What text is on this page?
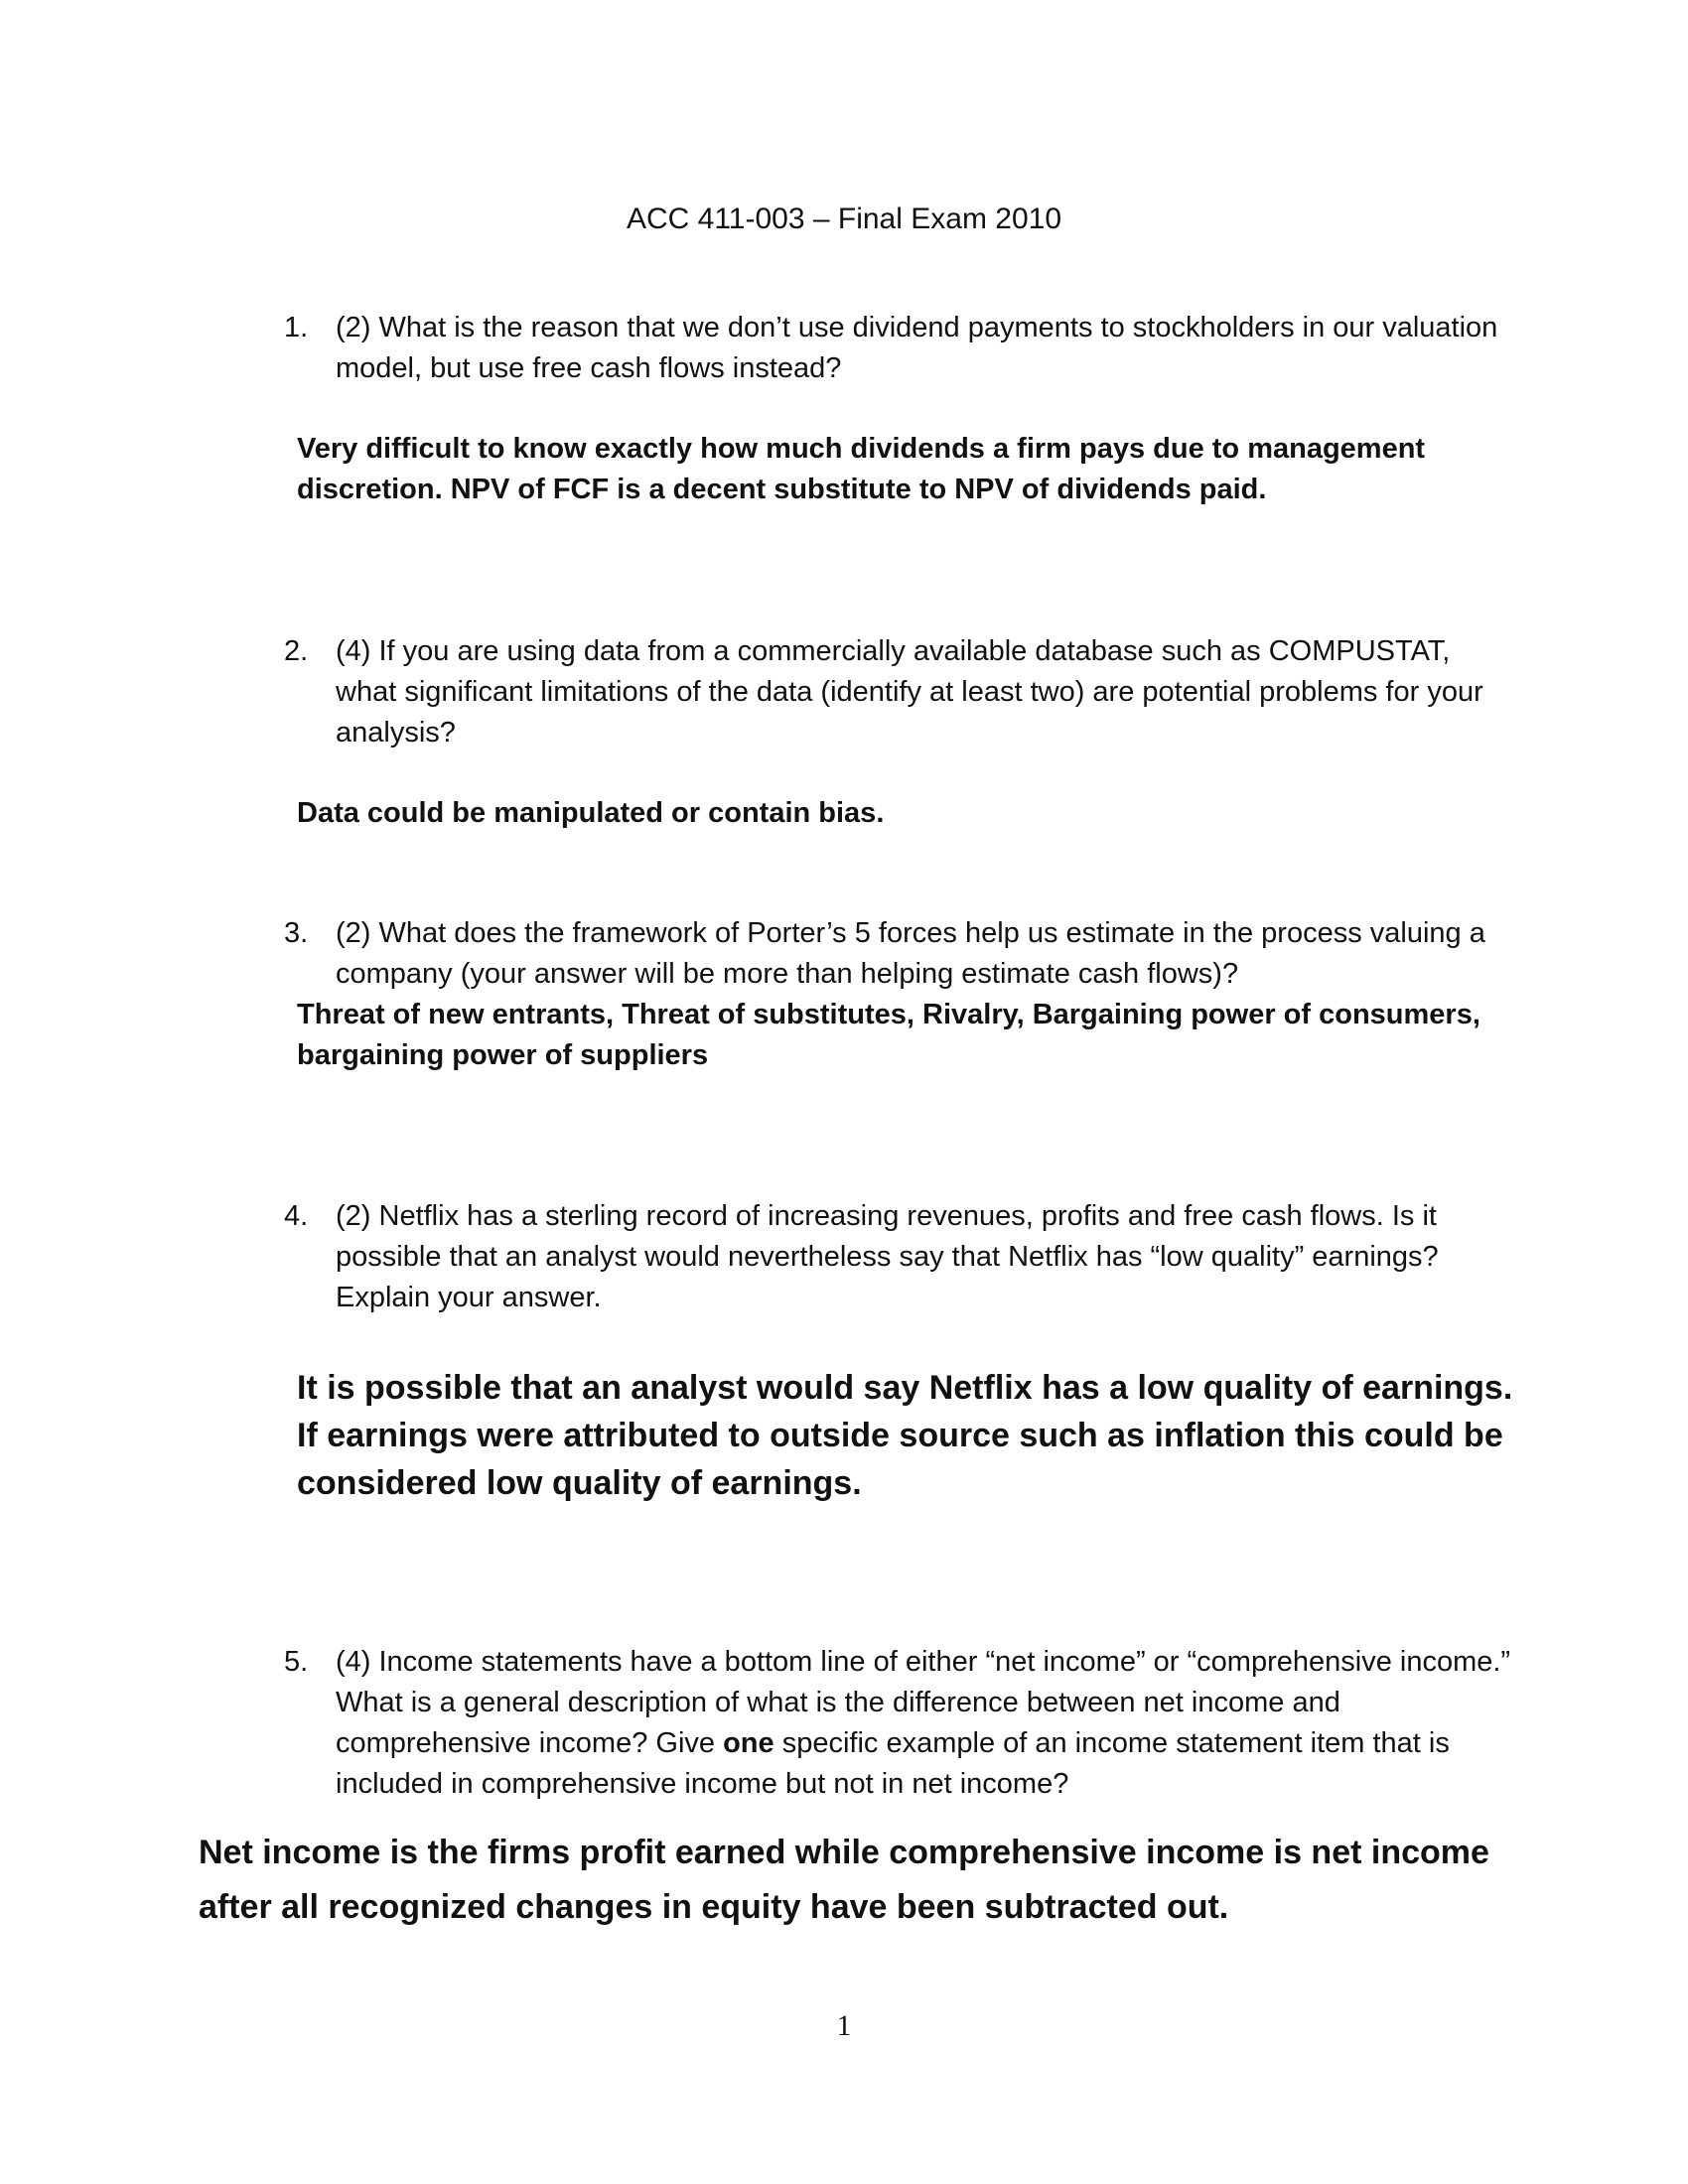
ACC 411-003 – Final Exam 2010
1. (2) What is the reason that we don’t use dividend payments to stockholders in our valuation model, but use free cash flows instead?
Very difficult to know exactly how much dividends a firm pays due to management discretion. NPV of FCF is a decent substitute to NPV of dividends paid.
2. (4) If you are using data from a commercially available database such as COMPUSTAT, what significant limitations of the data (identify at least two) are potential problems for your analysis?
Data could be manipulated or contain bias.
3. (2) What does the framework of Porter’s 5 forces help us estimate in the process valuing a company (your answer will be more than helping estimate cash flows)?
Threat of new entrants, Threat of substitutes, Rivalry, Bargaining power of consumers, bargaining power of suppliers
4. (2) Netflix has a sterling record of increasing revenues, profits and free cash flows. Is it possible that an analyst would nevertheless say that Netflix has “low quality” earnings? Explain your answer.
It is possible that an analyst would say Netflix has a low quality of earnings. If earnings were attributed to outside source such as inflation this could be considered low quality of earnings.
5. (4) Income statements have a bottom line of either “net income” or “comprehensive income.” What is a general description of what is the difference between net income and comprehensive income? Give one specific example of an income statement item that is included in comprehensive income but not in net income?
Net income is the firms profit earned while comprehensive income is net income after all recognized changes in equity have been subtracted out.
1
